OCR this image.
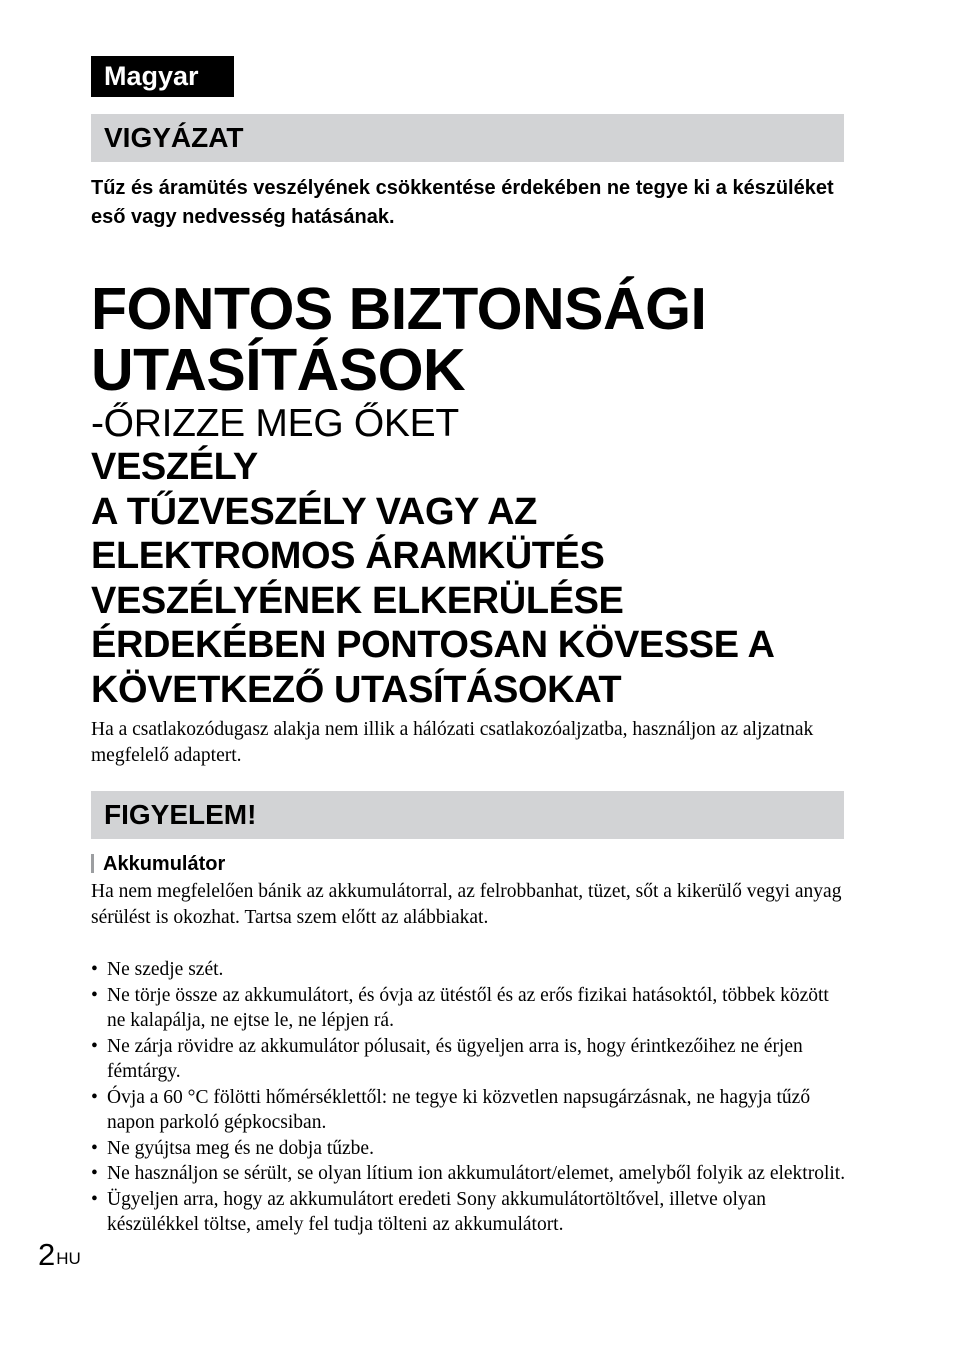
Magyar
VIGYÁZAT

Tűz és áramütés veszélyének csökkentése érdekében ne tegye ki a készüléket eső vagy nedvesség hatásának.

FONTOS BIZTONSÁGI
UTASÍTÁSOK
-ŐRIZZE MEG ŐKET
VESZÉLY
A TŰZVESZÉLY VAGY AZ
ELEKTROMOS ÁRAMKÜTÉS
VESZÉLYÉNEK ELKERÜLÉSE
ÉRDEKÉBEN PONTOSAN KÖVESSE A
KÖVETKEZŐ UTASÍTÁSOKAT

Ha a csatlakozódugasz alakja nem illik a hálózati csatlakozóaljzatba, használjon az aljzatnak megfelelő adaptert.

FIGYELEM!
Akkumulátor

Ha nem megfelelően bánik az akkumulátorral, az felrobbanhat, tüzet, sőt a kikerülő vegyi anyag sérülést is okozhat. Tartsa szem előtt az alábbiakat.

• Ne szedje szét.
• Ne törje össze az akkumulátort, és óvja az ütéstől és az erős fizikai hatásoktól, többek között ne kalapálja, ne ejtse le, ne lépjen rá.
• Ne zárja rövidre az akkumulátor pólusait, és ügyeljen arra is, hogy érintkezőihez ne érjen fémtárgy.
• Óvja a 60 °C fölötti hőmérséklettől: ne tegye ki közvetlen napsugárzásnak, ne hagyja tűző napon parkoló gépkocsiban.
• Ne gyújtsa meg és ne dobja tűzbe.
• Ne használjon se sérült, se olyan lítium ion akkumulátort/elemet, amelyből folyik az elektrolit.
• Ügyeljen arra, hogy az akkumulátort eredeti Sony akkumulátortöltővel, illetve olyan készülékkel töltse, amely fel tudja tölteni az akkumulátort.
$2^{HU}$
